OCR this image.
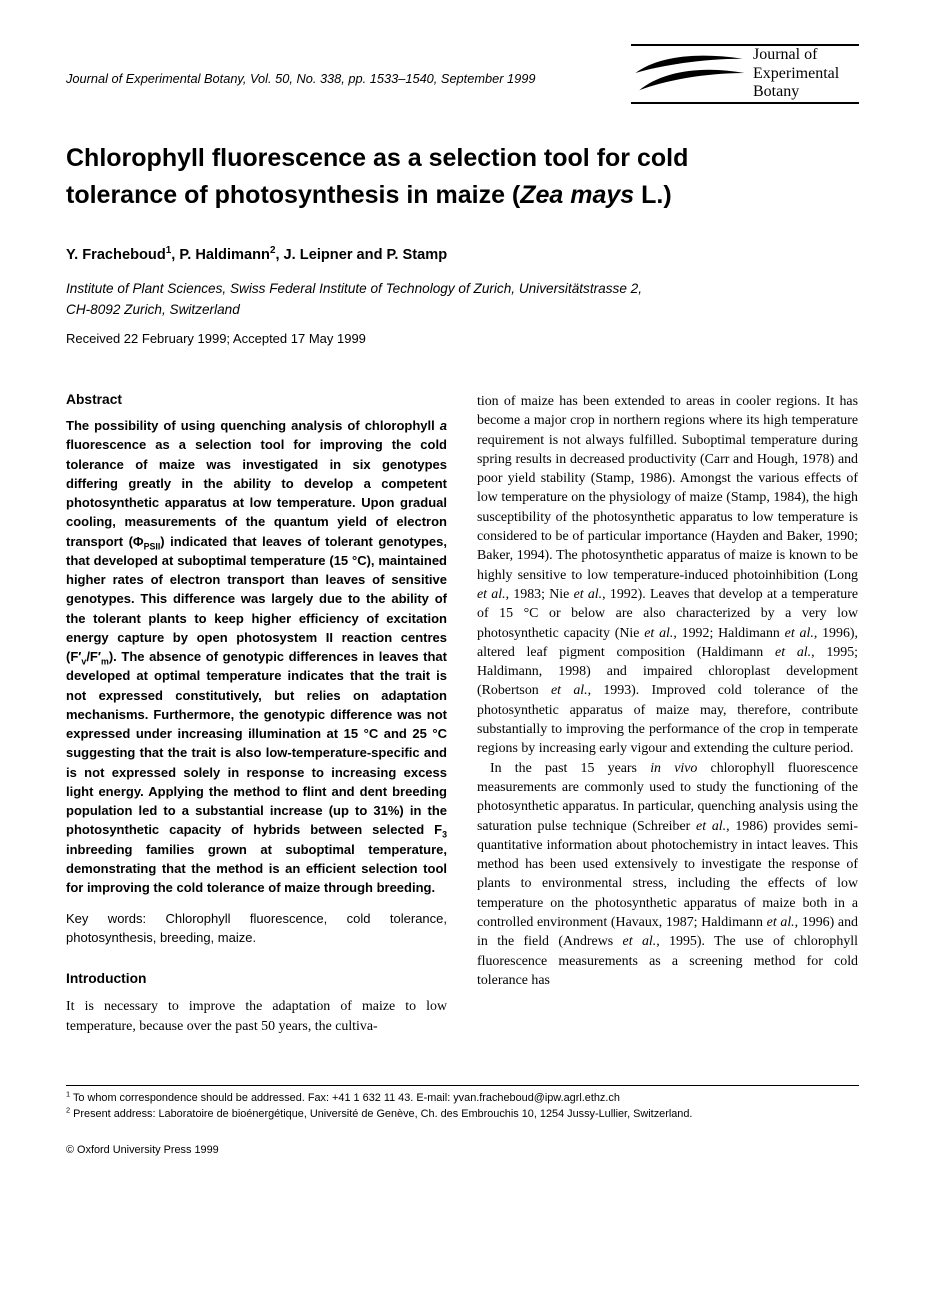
Journal of Experimental Botany, Vol. 50, No. 338, pp. 1533–1540, September 1999
Journal of
Experimental
Botany
Chlorophyll fluorescence as a selection tool for cold
tolerance of photosynthesis in maize (Zea mays L.)
Y. Fracheboud$^1$, P. Haldimann$^2$, J. Leipner and P. Stamp
Institute of Plant Sciences, Swiss Federal Institute of Technology of Zurich, Universitätstrasse 2,
CH-8092 Zurich, Switzerland
Received 22 February 1999; Accepted 17 May 1999
Abstract

The possibility of using quenching analysis of chlorophyll a fluorescence as a selection tool for improving the cold tolerance of maize was investigated in six genotypes differing greatly in the ability to develop a competent photosynthetic apparatus at low temperature. Upon gradual cooling, measurements of the quantum yield of electron transport $(\Phi_{PSII})$ indicated that leaves of tolerant genotypes, that developed at suboptimal temperature (15 °C), maintained higher rates of electron transport than leaves of sensitive genotypes. This difference was largely due to the ability of the tolerant plants to keep higher efficiency of excitation energy capture by open photosystem II reaction centres $(F'_v/F'_m)$. The absence of genotypic differences in leaves that developed at optimal temperature indicates that the trait is not expressed constitutively, but relies on adaptation mechanisms. Furthermore, the genotypic difference was not expressed under increasing illumination at 15 °C and 25 °C suggesting that the trait is also low-temperature-specific and is not expressed solely in response to increasing excess light energy. Applying the method to flint and dent breeding population led to a substantial increase (up to 31%) in the photosynthetic capacity of hybrids between selected $F_3$ inbreeding families grown at suboptimal temperature, demonstrating that the method is an efficient selection tool for improving the cold tolerance of maize through breeding.

Key words: Chlorophyll fluorescence, cold tolerance, photosynthesis, breeding, maize.

Introduction

It is necessary to improve the adaptation of maize to low temperature, because over the past 50 years, the cultiva-

tion of maize has been extended to areas in cooler regions. It has become a major crop in northern regions where its high temperature requirement is not always fulfilled. Suboptimal temperature during spring results in decreased productivity (Carr and Hough, 1978) and poor yield stability (Stamp, 1986). Amongst the various effects of low temperature on the physiology of maize (Stamp, 1984), the high susceptibility of the photosynthetic apparatus to low temperature is considered to be of particular importance (Hayden and Baker, 1990; Baker, 1994). The photosynthetic apparatus of maize is known to be highly sensitive to low temperature-induced photoinhibition (Long et al., 1983; Nie et al., 1992). Leaves that develop at a temperature of 15 °C or below are also characterized by a very low photosynthetic capacity (Nie et al., 1992; Haldimann et al., 1996), altered leaf pigment composition (Haldimann et al., 1995; Haldimann, 1998) and impaired chloroplast development (Robertson et al., 1993). Improved cold tolerance of the photosynthetic apparatus of maize may, therefore, contribute substantially to improving the performance of the crop in temperate regions by increasing early vigour and extending the culture period.

In the past 15 years in vivo chlorophyll fluorescence measurements are commonly used to study the functioning of the photosynthetic apparatus. In particular, quenching analysis using the saturation pulse technique (Schreiber et al., 1986) provides semi-quantitative information about photochemistry in intact leaves. This method has been used extensively to investigate the response of plants to environmental stress, including the effects of low temperature on the photosynthetic apparatus of maize both in a controlled environment (Havaux, 1987; Haldimann et al., 1996) and in the field (Andrews et al., 1995). The use of chlorophyll fluorescence measurements as a screening method for cold tolerance has

$^1$ To whom correspondence should be addressed. Fax: +41 1 632 11 43. E-mail: yvan.fracheboud@ipw.agrl.ethz.ch

$^2$ Present address: Laboratoire de bioénergétique, Université de Genève, Ch. des Embrouchis 10, 1254 Jussy-Lullier, Switzerland.

© Oxford University Press 1999
